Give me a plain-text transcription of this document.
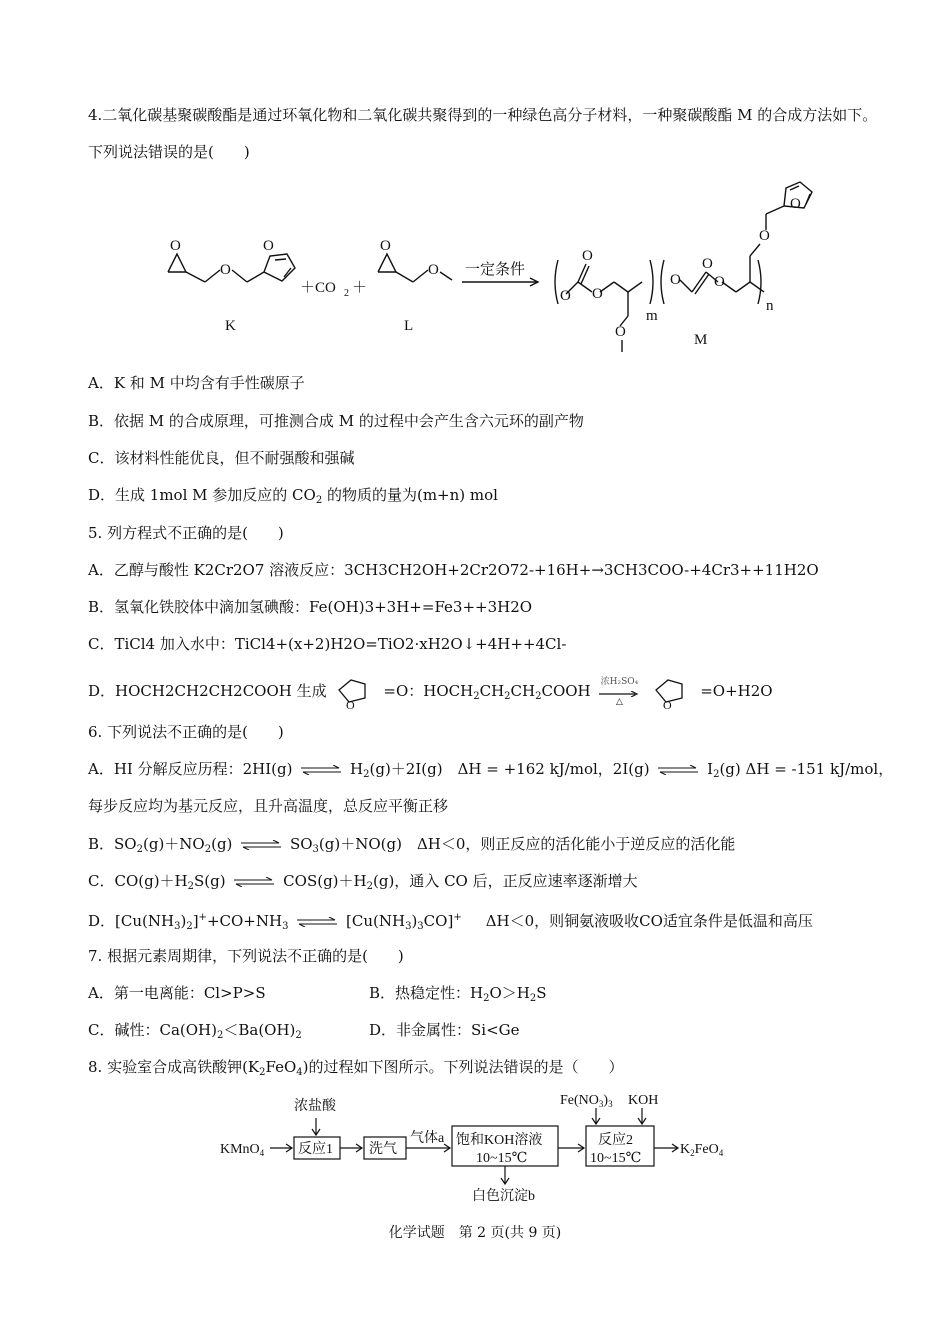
4.二氧化碳基聚碳酸酯是通过环氧化物和二氧化碳共聚得到的一种绿色高分子材料，一种聚碳酸酯 M 的合成方法如下。下列说法错误的是(　　)
O
O
O
＋CO 2 ＋
O
O 一定条件
K	L
O
O
O
O
m
O
O
O
O
O
n
M
A．K 和 M 中均含有手性碳原子
B．依据 M 的合成原理，可推测合成 M 的过程中会产生含六元环的副产物
C．该材料性能优良，但不耐强酸和强碱
D．生成 1mol M 参加反应的 $CO_2$ 的物质的量为(m+n) mol
5. 列方程式不正确的是(　　)
A．乙醇与酸性 K2Cr2O7 溶液反应：3CH3CH2OH+2Cr2O72-+16H+→3CH3COO-+4Cr3++11H2O
B．氢氧化铁胶体中滴加氢碘酸：Fe(OH)3+3H+=Fe3++3H2O
C．TiCl4 加入水中：TiCl4+(x+2)H2O=TiO2·xH2O↓+4H++4Cl-
D．HOCH2CH2CH2COOH 生成
O
=O：$HOCH_2CH_2CH_2COOH$ 浓H₂SO₄
△
	O
=O+H2O
6. 下列说法不正确的是(　　)
A．HI 分解反应历程：2HI(g) ⇌ $H_2(g)+2I(g)$　ΔH = +162 kJ/mol，2I(g) ⇌ $I_2(g) \Delta H = -151$ kJ/mol，
每步反应均为基元反应，且升高温度，总反应平衡正移
B．$SO_2(g)+NO_2(g)$ ⇌ $SO_3(g)+NO(g)$　ΔH＜0，则正反应的活化能小于逆反应的活化能
C．$CO(g)+H_2S(g)$ ⇌ $COS(g)+H_2(g)$，通入 CO 后，正反应速率逐渐增大
D．$[Cu(NH_3)_2]^++CO+NH_3$ ⇌ $[Cu(NH_3)_3CO]^+$ ΔH＜0，则铜氨液吸收CO适宜条件是低温和高压
7. 根据元素周期律，下列说法不正确的是(　　)
A．第一电离能：Cl>P>S	B．热稳定性：$H_2O>H_2S$
C．碱性：$Ca(OH)_2<Ba(OH)_2$	D．非金属性：Si<Ge
8. 实验室合成高铁酸钾$(K_2FeO_4)$的过程如下图所示。下列说法错误的是（　　）
KMnO$_4$
浓盐酸
反应1	洗气
气体a 饱和KOH溶液
10~15℃
$Fe(NO_3)_3$ KOH
反应2
10~15℃
$K_2FeO_4$
白色沉淀b
化学试题　第 2 页(共 9 页)
